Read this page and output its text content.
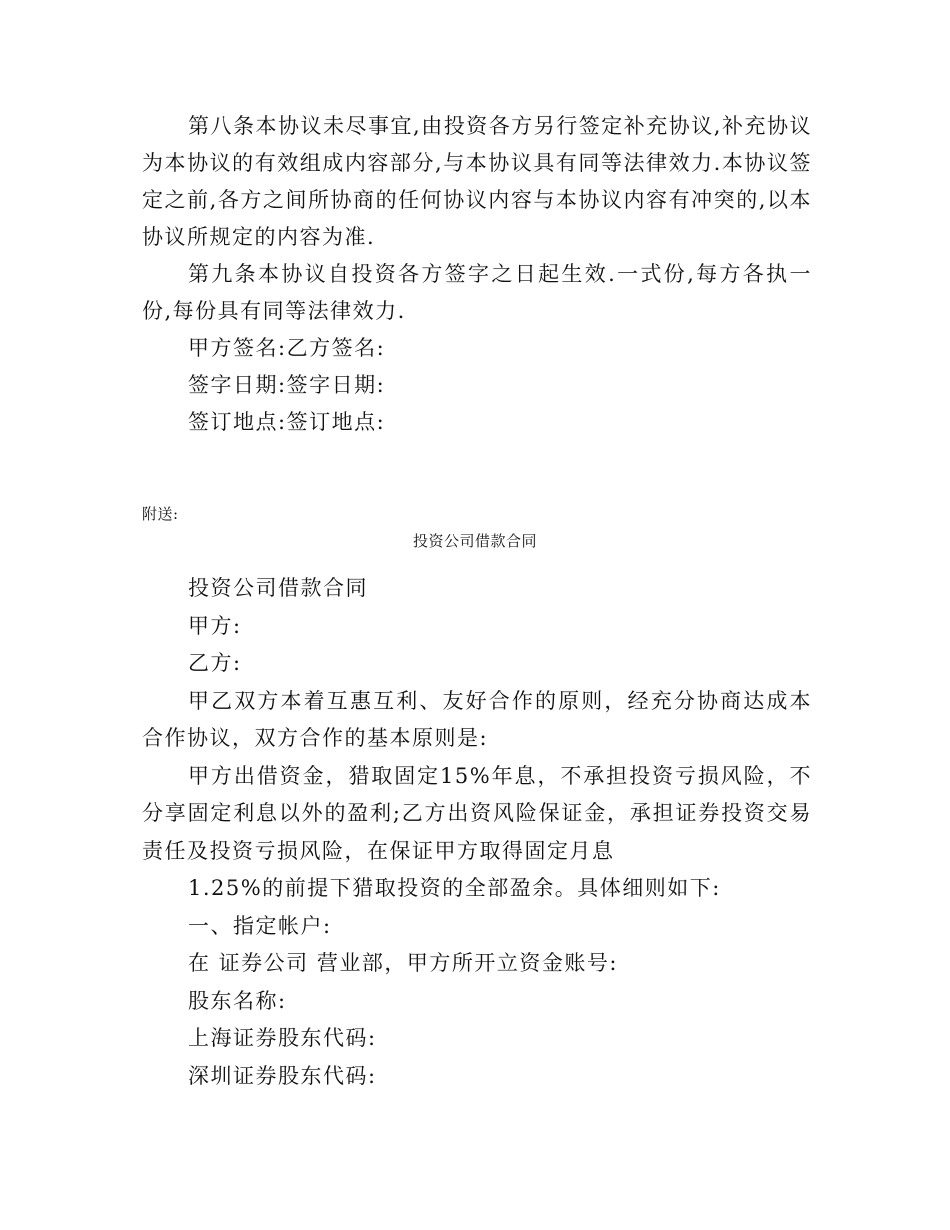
第八条本协议未尽事宜,由投资各方另行签定补充协议,补充协议为本协议的有效组成内容部分,与本协议具有同等法律效力.本协议签定之前,各方之间所协商的任何协议内容与本协议内容有冲突的,以本协议所规定的内容为准.

第九条本协议自投资各方签字之日起生效.一式份,每方各执一份,每份具有同等法律效力.

甲方签名:乙方签名:

签字日期:签字日期:

签订地点:签订地点:

附送:
投资公司借款合同

投资公司借款合同

甲方:

乙方:

甲乙双方本着互惠互利、友好合作的原则，经充分协商达成本合作协议，双方合作的基本原则是:

甲方出借资金，猎取固定15%年息，不承担投资亏损风险，不分享固定利息以外的盈利;乙方出资风险保证金，承担证券投资交易责任及投资亏损风险，在保证甲方取得固定月息

1.25%的前提下猎取投资的全部盈余。具体细则如下:

一、指定帐户:

在 证券公司 营业部，甲方所开立资金账号:

股东名称:

上海证券股东代码:

深圳证券股东代码:
